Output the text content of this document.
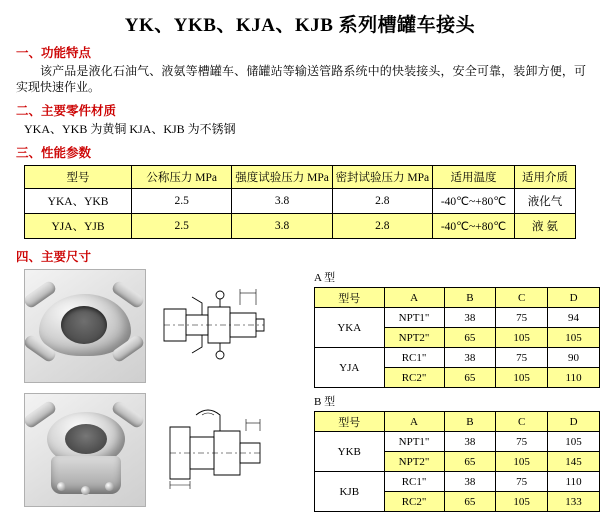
YK、YKB、KJA、KJB 系列槽罐车接头
一、功能特点
该产品是液化石油气、液氨等槽罐车、储罐站等输送管路系统中的快装接头，安全可靠，装卸方便，可实现快速作业。
二、主要零件材质
YKA、YKB 为黄铜 KJA、KJB 为不锈钢
三、性能参数
型号	公称压力 MPa	强度试验压力 MPa	密封试验压力 MPa	适用温度	适用介质
YKA、YKB	2.5	3.8	2.8	-40℃~+80℃	液化气
YJA、YJB	2.5	3.8	2.8	-40℃~+80℃	液 氨
四、主要尺寸

A 型
型号	A	B	C	D
YKA	NPT1"	38	75	94
	NPT2"	65	105	105
YJA	RC1"	38	75	90
	RC2"	65	105	110

B 型
型号	A	B	C	D
YKB	NPT1"	38	75	105
	NPT2"	65	105	145
KJB	RC1"	38	75	110
	RC2"	65	105	133
